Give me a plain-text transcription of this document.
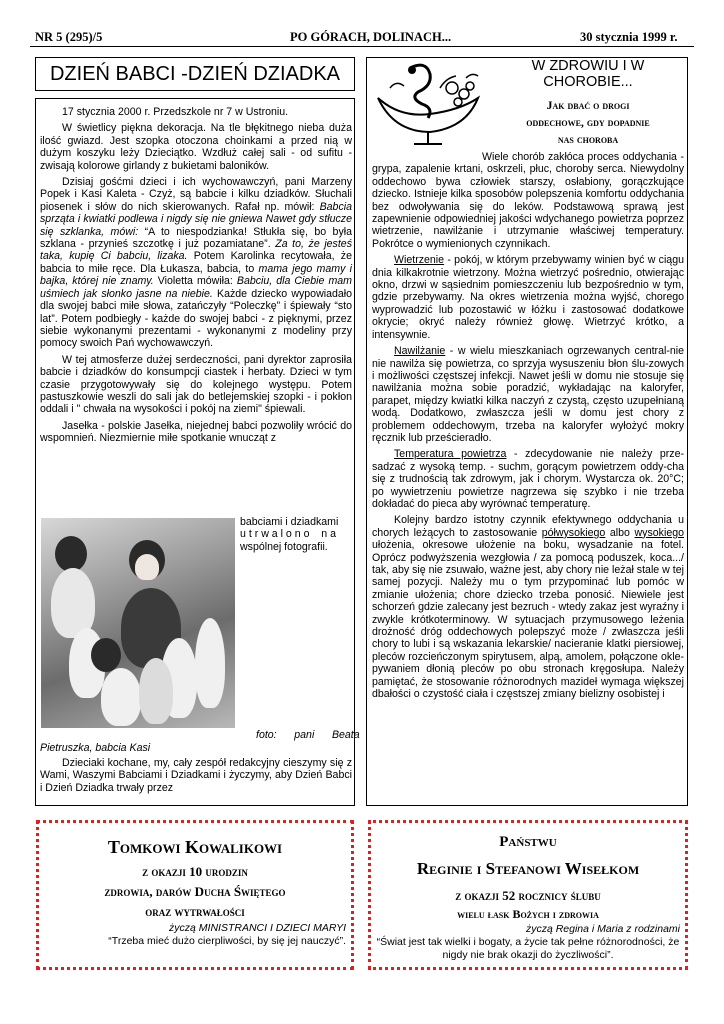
NR 5 (295)/5	PO GÓRACH, DOLINACH...	30 stycznia 1999 r.
DZIEŃ BABCI -DZIEŃ DZIADKA

17 stycznia 2000 r. Przedszkole nr 7 w Ustroniu.

W świetlicy piękna dekoracja. Na tle błękitnego nieba duża ilość gwiazd. Jest szopka otoczona choinkami a przed nią w dużym koszyku leży Dzieciątko. Wzdłuż całej sali - od sufitu - zwisają kolorowe girlandy z bukietami baloników.

Dzisiaj gośćmi dzieci i ich wychowawczyń, pani Marzeny Popek i Kasi Kaleta - Czyż, są babcie i kilku dziadków. Słuchali piosenek i słów do nich skierowanych. Rafał np. mówił: Babcia sprząta i kwiatki podlewa i nigdy się nie gniewa Nawet gdy stłucze się szklanka, mówi: “A to niespodzianka! Stłukła się, bo była szklana - przynieś szczotkę i już pozamiatane”. Za to, że jesteś taka, kupię Ci babciu, lizaka. Potem Karolinka recytowała, że babcia to miłe ręce. Dla Łukasza, babcia, to mama jego mamy i bajka, której nie znamy. Violetta mówiła: Babciu, dla Ciebie mam uśmiech jak słonko jasne na niebie. Każde dziecko wypowiadało dla swojej babci miłe słowa, zatańczyły “Poleczkę” i śpiewały “sto lat”. Potem podbiegły - każde do swojej babci - z pięknymi, przez siebie wykonanymi prezentami - wykonanymi z modeliny przy pomocy swoich Pań wychowawczyń.

W tej atmosferze dużej serdeczności, pani dyrektor zaprosiła babcie i dziadków do konsumpcji ciastek i herbaty. Dzieci w tym czasie przygotowywały się do kolejnego występu. Potem pastuszkowie weszli do sali jak do betlejemskiej szopki - i pokłon oddali i " chwała na wysokości i pokój na ziemi" śpiewali.

Jasełka - polskie Jasełka, niejednej babci pozwoliły wrócić do wspomnień. Niezmiernie miłe spotkanie wnucząt z

babciami i dziadkami
u t r w a l o n o    n a
wspólnej fotografii.
foto:      pani      Beata
Pietruszka, babcia Kasi

Dzieciaki kochane, my, cały zespół redakcyjny cieszymy się z Wami, Waszymi Babciami i Dziadkami i życzymy, aby Dzień Babci i Dzień Dziadka trwały przez

W ZDROWIU I W
CHOROBIE...
Jak dbać o drogi
oddechowe, gdy dopadnie
nas choroba

Wiele chorób zakłóca proces oddychania - grypa, zapalenie krtani, oskrzeli, płuc, choroby serca. Niewydolny oddechowo bywa człowiek starszy, osłabiony, gorączkujące dziecko. Istnieje kilka sposobów polepszenia komfortu oddychania bez odwoływania się do leków. Podstawową sprawą jest zapewnienie odpowiedniej jakości wdychanego powietrza poprzez wietrzenie, nawilżanie i utrzymanie właściwej temperatury. Pokrótce o wymienionych czynnikach.

Wietrzenie - pokój, w którym przebywamy winien być w ciągu dnia kilkakrotnie wietrzony. Można wietrzyć pośrednio, otwierając okno, drzwi w sąsiednim pomieszczeniu lub bezpośrednio w tym, gdzie przebywamy. Na okres wietrzenia można wyjść, chorego wyprowadzić lub pozostawić w łóżku i zastosować dodatkowe okrycie; okryć należy również głowę. Wietrzyć krótko, a intensywnie.

Nawilżanie - w wielu mieszkaniach ogrzewanych central-nie nie nawilża się powietrza, co sprzyja wysuszeniu błon ślu-zowych i możliwości częstszej infekcji. Nawet jeśli w domu nie stosuje się nawilżania można sobie poradzić, wykładając na kaloryfer, parapet, między kwiatki kilka naczyń z czystą, często uzupełnianą wodą. Dodatkowo, zwłaszcza jeśli w domu jest chory z problemem oddechowym, trzeba na kaloryfer wyłożyć mokry ręcznik lub prześcieradło.

Temperatura powietrza - zdecydowanie nie należy prze-sadzać z wysoką temp. - suchm, gorącym powietrzem oddy-cha się z trudnością tak zdrowym, jak i chorym. Wystarcza ok. 20°C; po wywietrzeniu powietrze nagrzewa się szybko i nie trzeba dokładać do pieca aby wyrównać temperaturę.

Kolejny bardzo istotny czynnik efektywnego oddychania u chorych leżących to zastosowanie półwysokiego albo wysokiego ułożenia, okresowe ułożenie na boku, wysadzanie na fotel. Oprócz podwyższenia wezgłowia / za pomocą poduszek, koca.../ tak, aby się nie zsuwało, ważne jest, aby chory nie leżał stale w tej samej pozycji. Należy mu o tym przypominać lub pomóc w zmianie ułożenia; chore dziecko trzeba ponosić. Niewiele jest schorzeń gdzie zalecany jest bezruch - wtedy zakaz jest wyraźny i zwykle krótkoterminowy. W sytuacjach przymusowego leżenia drożność dróg oddechowych polepszyć może / zwłaszcza jeśli chory to lubi i są wskazania lekarskie/ nacieranie klatki piersiowej, pleców rozcieńczonym spirytusem, alpą, amolem, połączone okle-pywaniem dłonią pleców po obu stronach kręgosłupa. Należy pamiętać, że stosowanie różnorodnych mazideł wymaga większej dbałości o czystość ciała i częstszej zmiany bielizny osobistej i

Tomkowi Kowalikowi
z okazji 10 urodzin
zdrowia, darów Ducha Świętego
oraz wytrwałości
życzą MINISTRANCI I DZIECI MARYI
“Trzeba mieć dużo cierpliwości, by się jej nauczyć”.
Państwu
Reginie i Stefanowi Wisełkom
z okazji 52 rocznicy ślubu
wielu łask Bożych i zdrowia
życzą Regina i Maria z rodzinami
“Świat jest tak wielki i bogaty, a życie tak pełne różnorodności, że nigdy nie brak okazji do życzliwości”.
